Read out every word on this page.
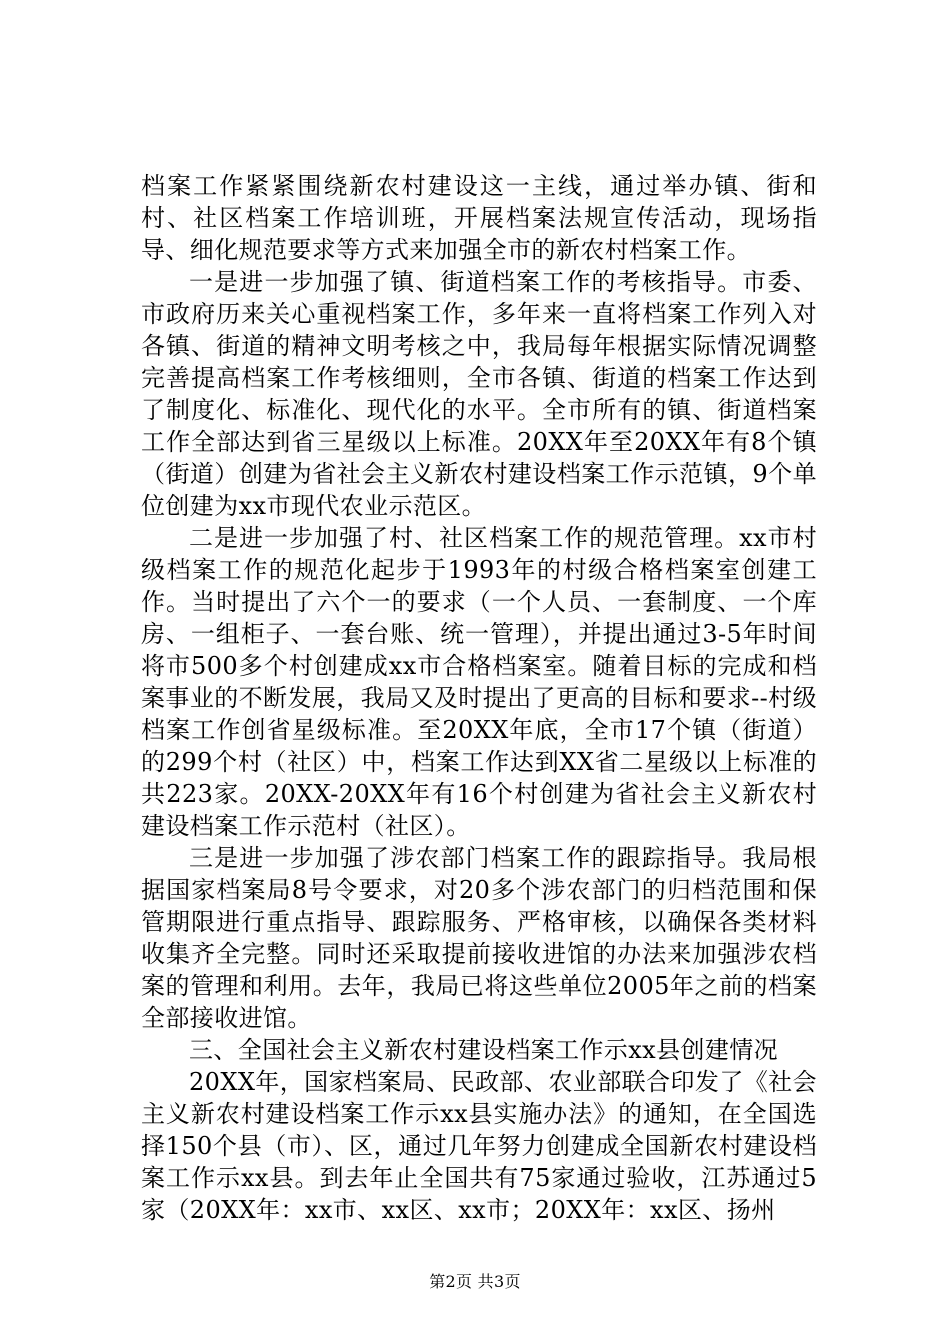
档案工作紧紧围绕新农村建设这一主线，通过举办镇、街和村、社区档案工作培训班，开展档案法规宣传活动，现场指导、细化规范要求等方式来加强全市的新农村档案工作。

一是进一步加强了镇、街道档案工作的考核指导。市委、市政府历来关心重视档案工作，多年来一直将档案工作列入对各镇、街道的精神文明考核之中，我局每年根据实际情况调整完善提高档案工作考核细则，全市各镇、街道的档案工作达到了制度化、标准化、现代化的水平。全市所有的镇、街道档案工作全部达到省三星级以上标准。20XX年至20XX年有8个镇（街道）创建为省社会主义新农村建设档案工作示范镇，9个单位创建为xx市现代农业示范区。

二是进一步加强了村、社区档案工作的规范管理。xx市村级档案工作的规范化起步于1993年的村级合格档案室创建工作。当时提出了六个一的要求（一个人员、一套制度、一个库房、一组柜子、一套台账、统一管理），并提出通过3-5年时间将市500多个村创建成xx市合格档案室。随着目标的完成和档案事业的不断发展，我局又及时提出了更高的目标和要求--村级档案工作创省星级标准。至20XX年底，全市17个镇（街道）的299个村（社区）中，档案工作达到XX省二星级以上标准的共223家。20XX-20XX年有16个村创建为省社会主义新农村建设档案工作示范村（社区）。

三是进一步加强了涉农部门档案工作的跟踪指导。我局根据国家档案局8号令要求，对20多个涉农部门的归档范围和保管期限进行重点指导、跟踪服务、严格审核，以确保各类材料收集齐全完整。同时还采取提前接收进馆的办法来加强涉农档案的管理和利用。去年，我局已将这些单位2005年之前的档案全部接收进馆。

三、全国社会主义新农村建设档案工作示xx县创建情况

20XX年，国家档案局、民政部、农业部联合印发了《社会主义新农村建设档案工作示xx县实施办法》的通知，在全国选择150个县（市）、区，通过几年努力创建成全国新农村建设档案工作示xx县。到去年止全国共有75家通过验收，江苏通过5家（20XX年：xx市、xx区、xx市；20XX年：xx区、扬州

第2页 共3页
